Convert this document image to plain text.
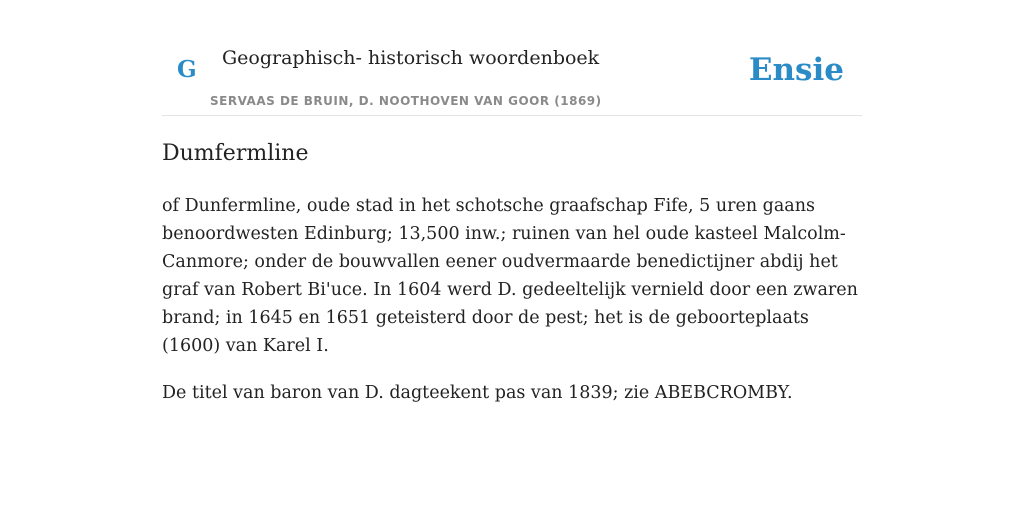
G Geographisch- historisch woordenboek
SERVAAS DE BRUIN, D. NOOTHOVEN VAN GOOR (1869)
Ensie
Dumfermline

of Dunfermline, oude stad in het schotsche graafschap Fife, 5 uren gaans benoordwesten Edinburg; 13,500 inw.; ruinen van hel oude kasteel Malcolm-Canmore; onder de bouwvallen eener oudvermaarde benedictijner abdij het graf van Robert Bi'uce. In 1604 werd D. gedeeltelijk vernield door een zwaren brand; in 1645 en 1651 geteisterd door de pest; het is de geboorteplaats (1600) van Karel I.

De titel van baron van D. dagteekent pas van 1839; zie ABEBCROMBY.
